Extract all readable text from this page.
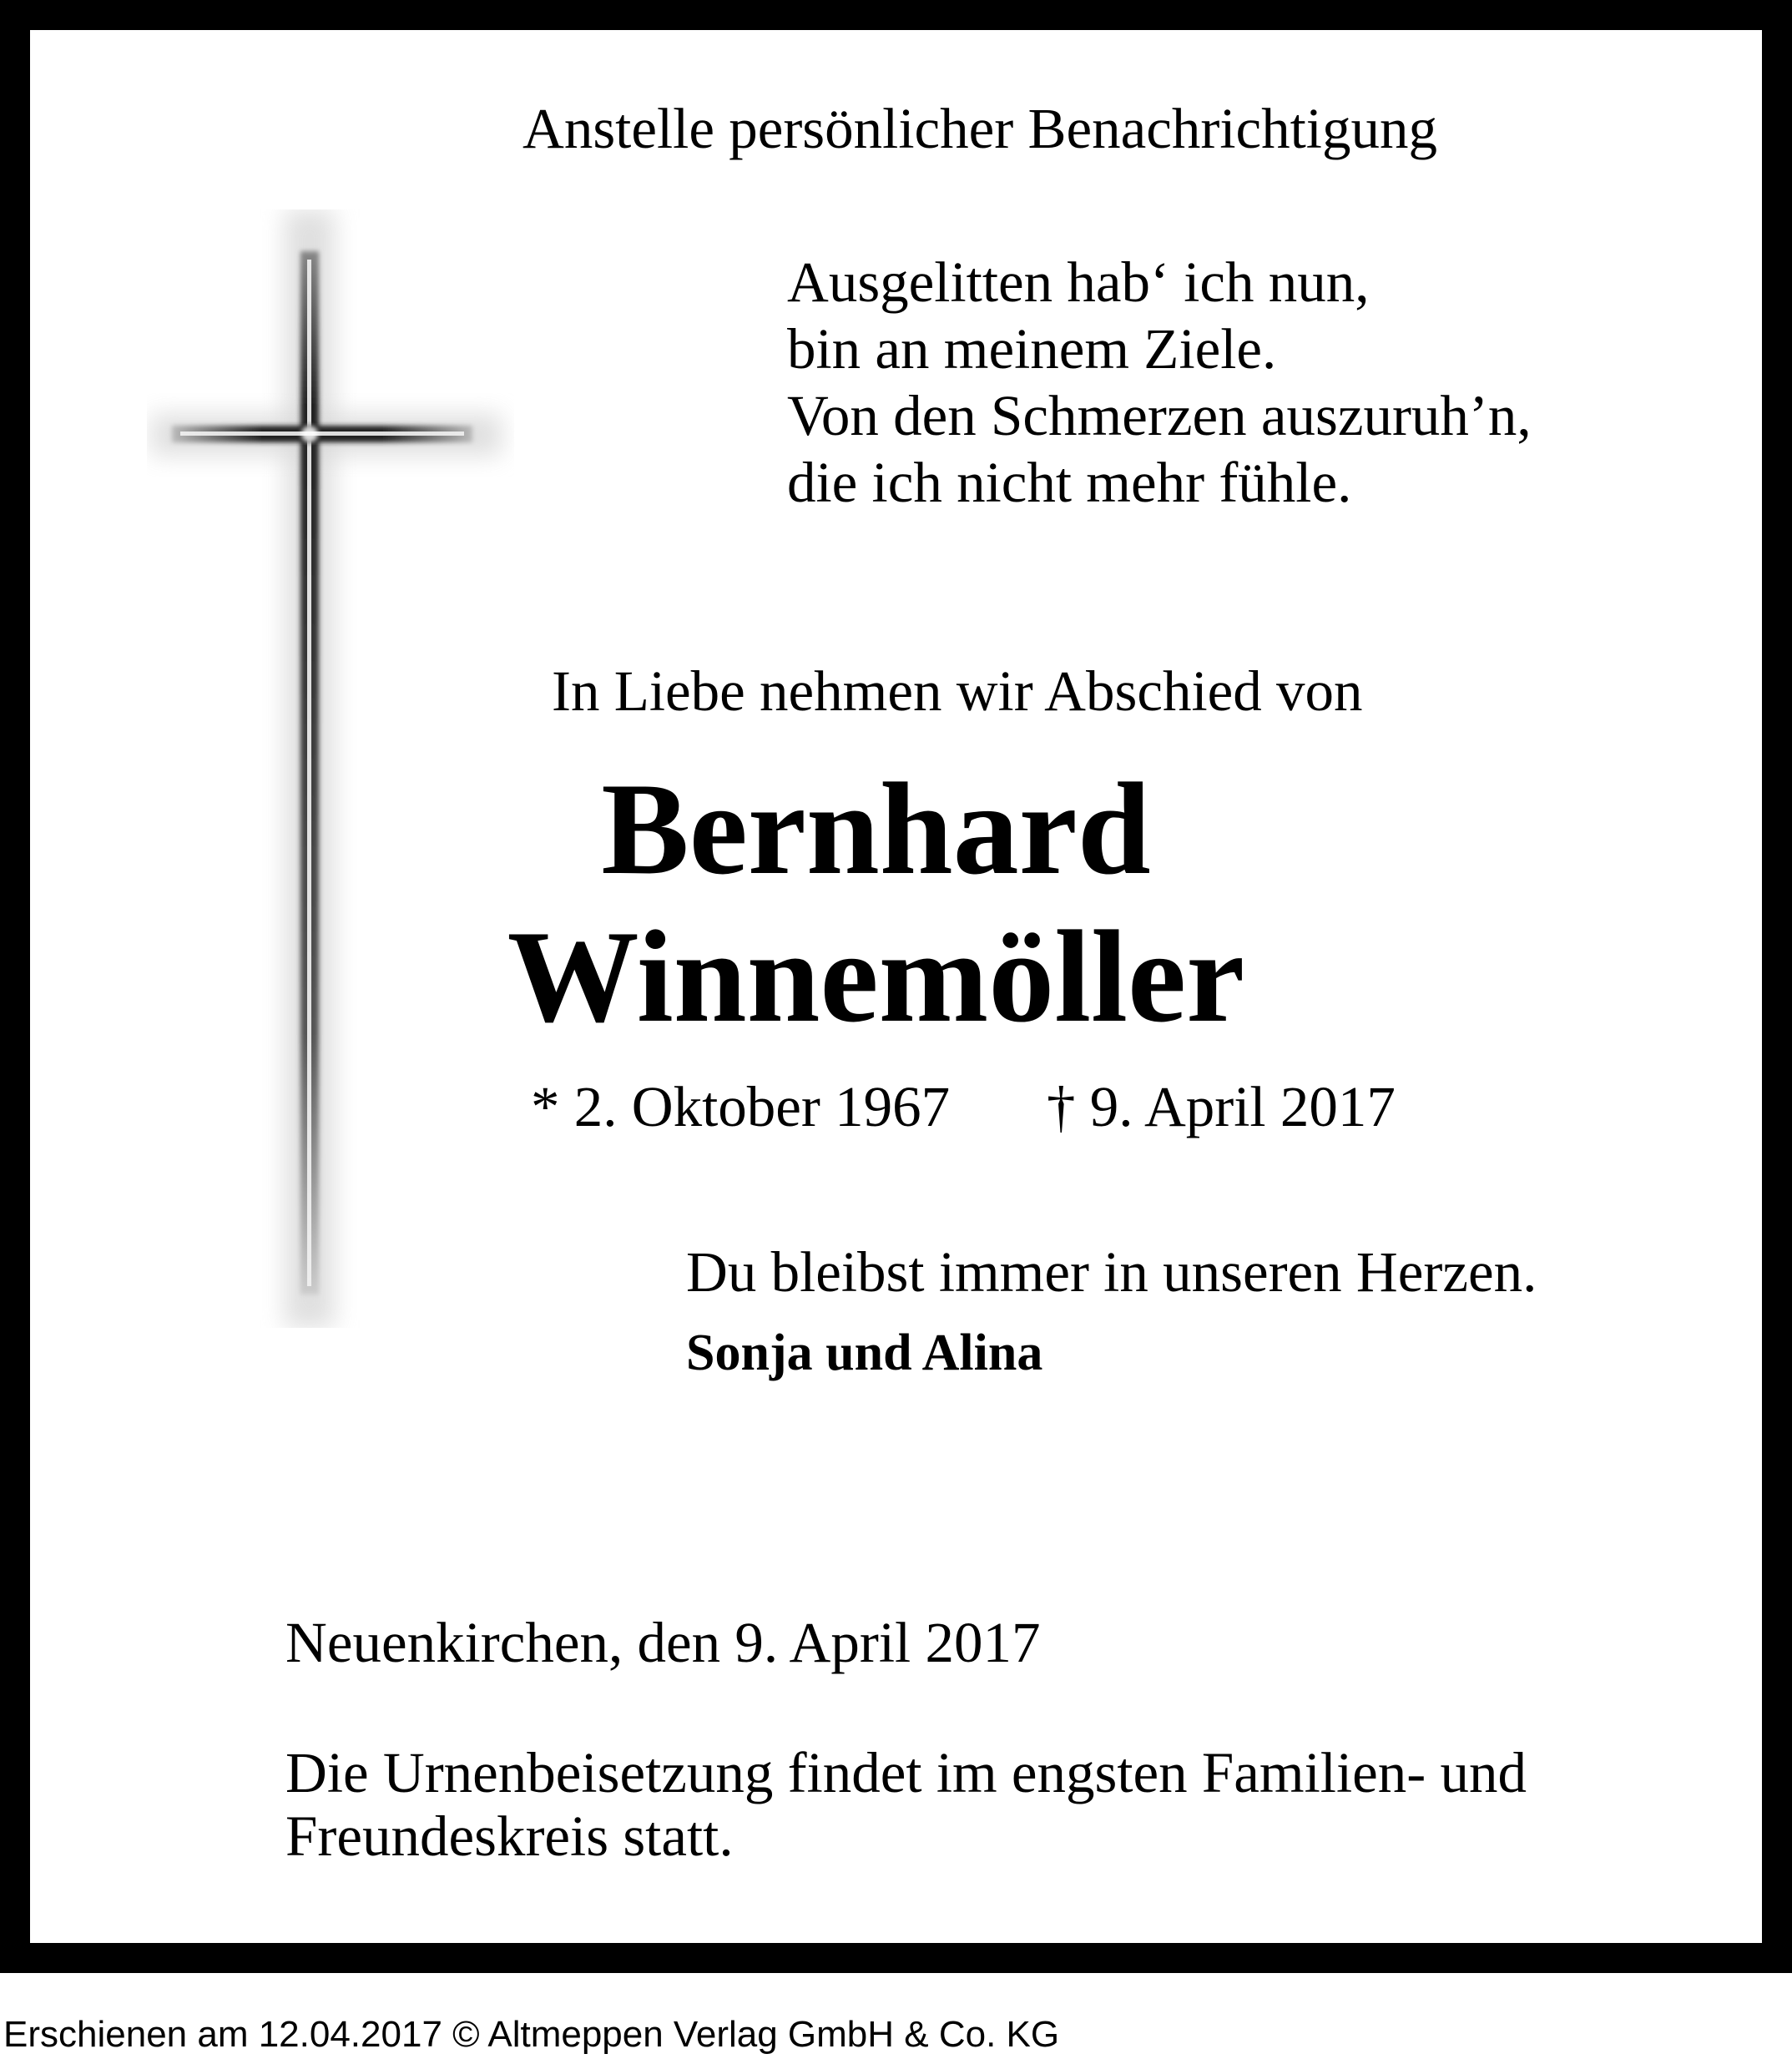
Anstelle persönlicher Benachrichtigung

Ausgelitten hab‘ ich nun,
bin an meinem Ziele.
Von den Schmerzen auszuruh’n,
die ich nicht mehr fühle.

In Liebe nehmen wir Abschied von

Bernhard

Winnemöller

* 2. Oktober 1967 † 9. April 2017

Du bleibst immer in unseren Herzen.

Sonja und Alina

Neuenkirchen, den 9. April 2017

Die Urnenbeisetzung findet im engsten Familien- und
Freundeskreis statt.
Erschienen am 12.04.2017 © Altmeppen Verlag GmbH & Co. KG
